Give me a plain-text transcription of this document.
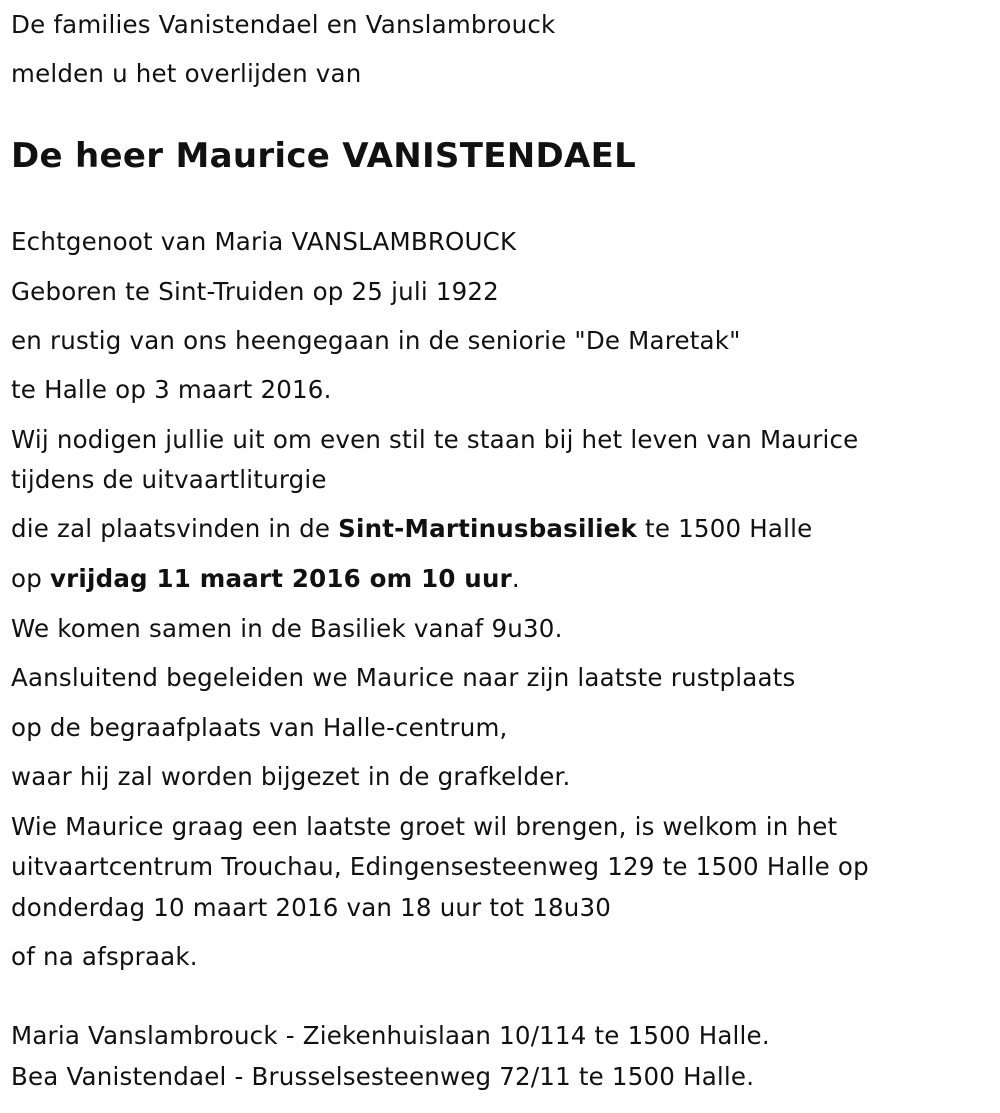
De families Vanistendael en Vanslambrouck
melden u het overlijden van
De heer Maurice VANISTENDAEL
Echtgenoot van Maria VANSLAMBROUCK
Geboren te Sint-Truiden op 25 juli 1922
en rustig van ons heengegaan in de seniorie "De Maretak"
te Halle op 3 maart 2016.
Wij nodigen jullie uit om even stil te staan bij het leven van Maurice
tijdens de uitvaartliturgie
die zal plaatsvinden in de Sint-Martinusbasiliek te 1500 Halle
op vrijdag 11 maart 2016 om 10 uur.
We komen samen in de Basiliek vanaf 9u30.
Aansluitend begeleiden we Maurice naar zijn laatste rustplaats
op de begraafplaats van Halle-centrum,
waar hij zal worden bijgezet in de grafkelder.
Wie Maurice graag een laatste groet wil brengen, is welkom in het
uitvaartcentrum Trouchau, Edingensesteenweg 129 te 1500 Halle op
donderdag 10 maart 2016 van 18 uur tot 18u30
of na afspraak.
Maria Vanslambrouck - Ziekenhuislaan 10/114 te 1500 Halle.
Bea Vanistendael - Brusselsesteenweg 72/11 te 1500 Halle.
